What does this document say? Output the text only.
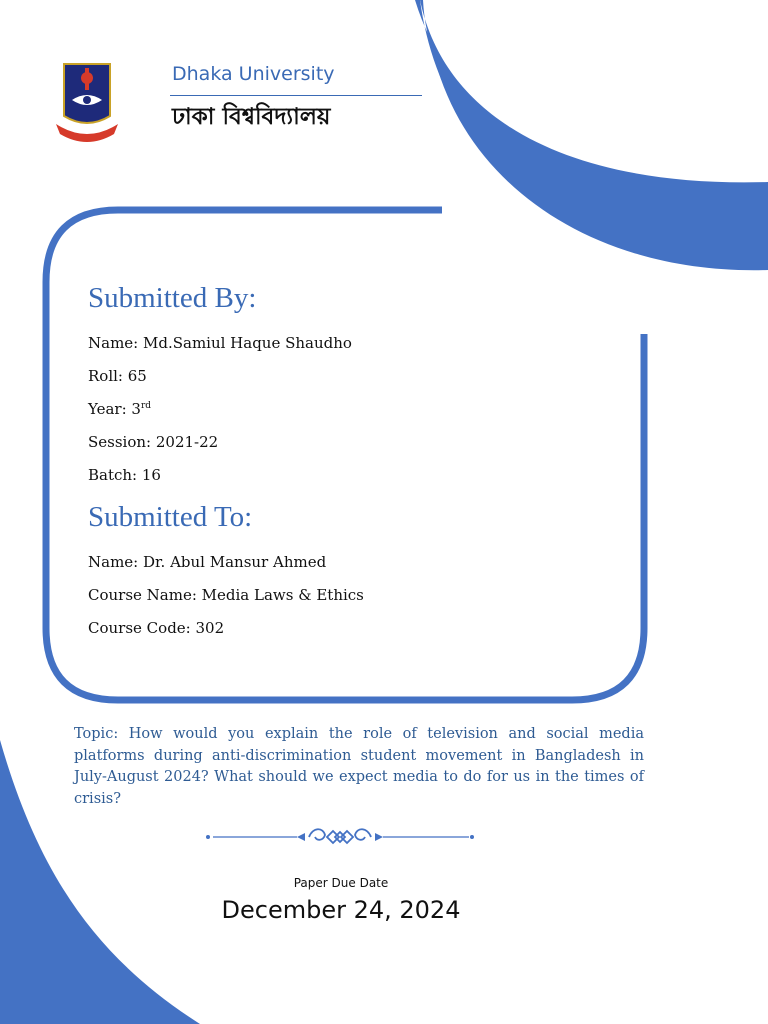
Dhaka University
ঢাকা বিশ্ববিদ্যালয়
Submitted By:
Name: Md.Samiul Haque Shaudho
Roll: 65
Year: 3rd
Session: 2021-22
Batch: 16
Submitted To:
Name: Dr. Abul Mansur Ahmed
Course Name: Media Laws & Ethics
Course Code: 302

Topic: How would you explain the role of television and social media platforms during anti-discrimination student movement in Bangladesh in July-August 2024? What should we expect media to do for us in the times of crisis?

Paper Due Date
December 24, 2024
